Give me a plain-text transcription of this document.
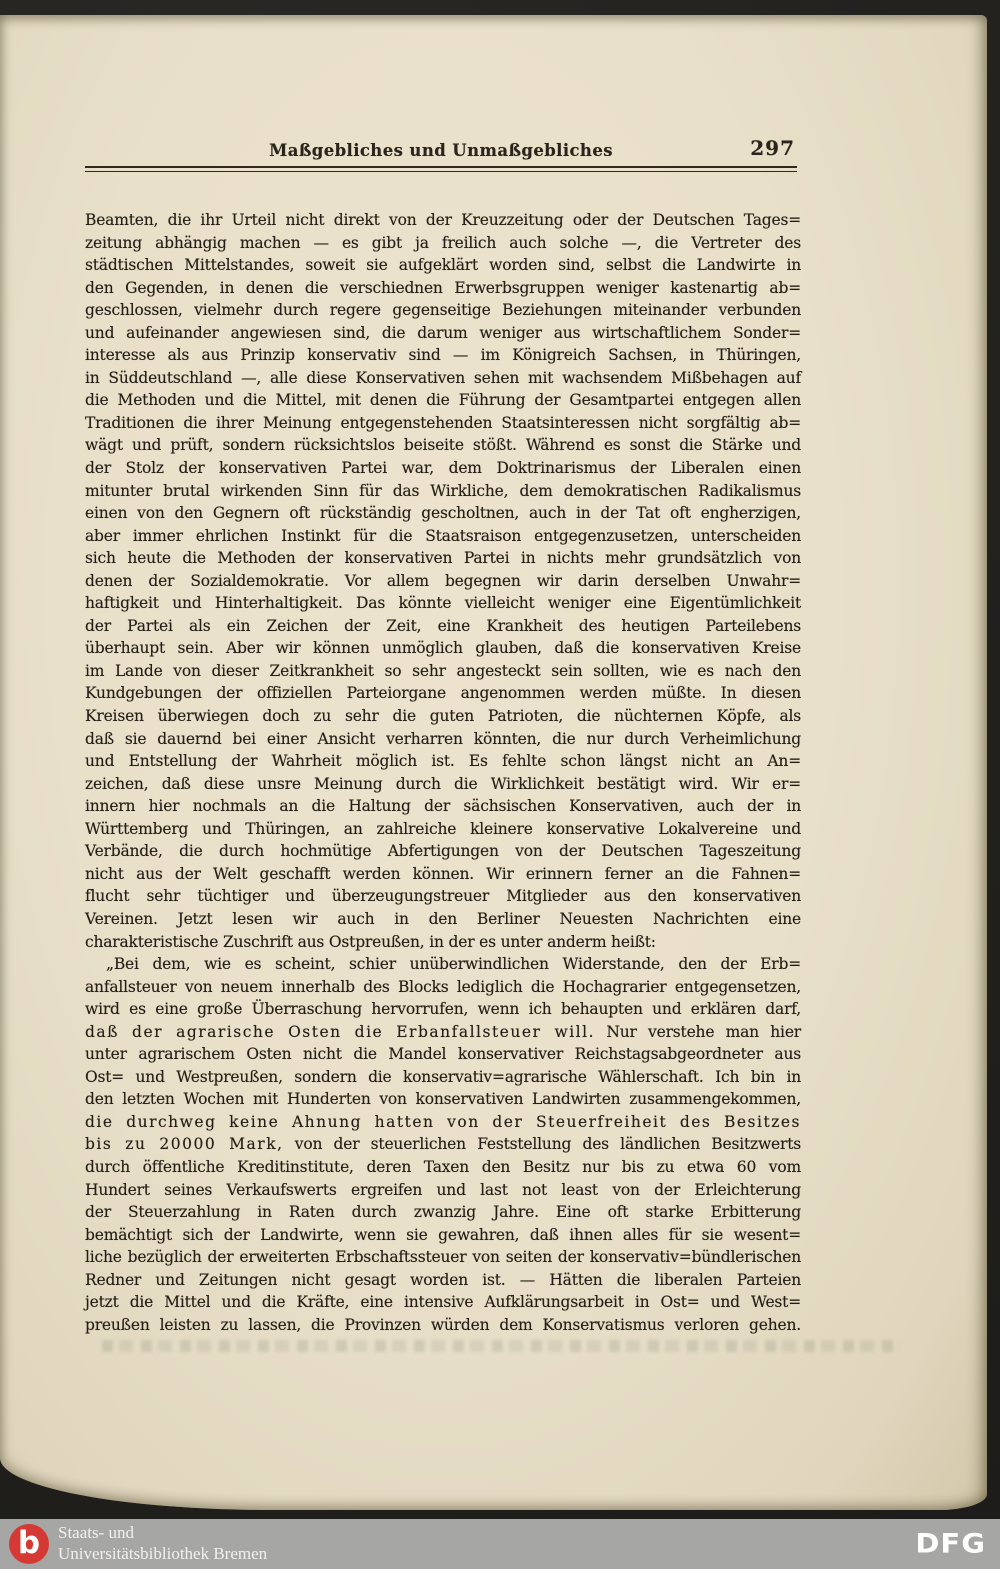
Maßgebliches und Unmaßgebliches	297
Beamten, die ihr Urteil nicht direkt von der Kreuzzeitung oder der Deutschen Tages=
zeitung abhängig machen — es gibt ja freilich auch solche —, die Vertreter des
städtischen Mittelstandes, soweit sie aufgeklärt worden sind, selbst die Landwirte in
den Gegenden, in denen die verschiednen Erwerbsgruppen weniger kastenartig ab=
geschlossen, vielmehr durch regere gegenseitige Beziehungen miteinander verbunden
und aufeinander angewiesen sind, die darum weniger aus wirtschaftlichem Sonder=
interesse als aus Prinzip konservativ sind — im Königreich Sachsen, in Thüringen,
in Süddeutschland —, alle diese Konservativen sehen mit wachsendem Mißbehagen auf
die Methoden und die Mittel, mit denen die Führung der Gesamtpartei entgegen allen
Traditionen die ihrer Meinung entgegenstehenden Staatsinteressen nicht sorgfältig ab=
wägt und prüft, sondern rücksichtslos beiseite stößt. Während es sonst die Stärke und
der Stolz der konservativen Partei war, dem Doktrinarismus der Liberalen einen
mitunter brutal wirkenden Sinn für das Wirkliche, dem demokratischen Radikalismus
einen von den Gegnern oft rückständig gescholtnen, auch in der Tat oft engherzigen,
aber immer ehrlichen Instinkt für die Staatsraison entgegenzusetzen, unterscheiden
sich heute die Methoden der konservativen Partei in nichts mehr grundsätzlich von
denen der Sozialdemokratie. Vor allem begegnen wir darin derselben Unwahr=
haftigkeit und Hinterhaltigkeit. Das könnte vielleicht weniger eine Eigentümlichkeit
der Partei als ein Zeichen der Zeit, eine Krankheit des heutigen Parteilebens
überhaupt sein. Aber wir können unmöglich glauben, daß die konservativen Kreise
im Lande von dieser Zeitkrankheit so sehr angesteckt sein sollten, wie es nach den
Kundgebungen der offiziellen Parteiorgane angenommen werden müßte. In diesen
Kreisen überwiegen doch zu sehr die guten Patrioten, die nüchternen Köpfe, als
daß sie dauernd bei einer Ansicht verharren könnten, die nur durch Verheimlichung
und Entstellung der Wahrheit möglich ist. Es fehlte schon längst nicht an An=
zeichen, daß diese unsre Meinung durch die Wirklichkeit bestätigt wird. Wir er=
innern hier nochmals an die Haltung der sächsischen Konservativen, auch der in
Württemberg und Thüringen, an zahlreiche kleinere konservative Lokalvereine und
Verbände, die durch hochmütige Abfertigungen von der Deutschen Tageszeitung
nicht aus der Welt geschafft werden können. Wir erinnern ferner an die Fahnen=
flucht sehr tüchtiger und überzeugungstreuer Mitglieder aus den konservativen
Vereinen. Jetzt lesen wir auch in den Berliner Neuesten Nachrichten eine
charakteristische Zuschrift aus Ostpreußen, in der es unter anderm heißt:
„Bei dem, wie es scheint, schier unüberwindlichen Widerstande, den der Erb=
anfallsteuer von neuem innerhalb des Blocks lediglich die Hochagrarier entgegensetzen,
wird es eine große Überraschung hervorrufen, wenn ich behaupten und erklären darf,
daß der agrarische Osten die Erbanfallsteuer will. Nur verstehe man hier
unter agrarischem Osten nicht die Mandel konservativer Reichstagsabgeordneter aus
Ost= und Westpreußen, sondern die konservativ=agrarische Wählerschaft. Ich bin in
den letzten Wochen mit Hunderten von konservativen Landwirten zusammengekommen,
die durchweg keine Ahnung hatten von der Steuerfreiheit des Besitzes
bis zu 20000 Mark, von der steuerlichen Feststellung des ländlichen Besitzwerts
durch öffentliche Kreditinstitute, deren Taxen den Besitz nur bis zu etwa 60 vom
Hundert seines Verkaufswerts ergreifen und last not least von der Erleichterung
der Steuerzahlung in Raten durch zwanzig Jahre. Eine oft starke Erbitterung
bemächtigt sich der Landwirte, wenn sie gewahren, daß ihnen alles für sie wesent=
liche bezüglich der erweiterten Erbschaftssteuer von seiten der konservativ=bündlerischen
Redner und Zeitungen nicht gesagt worden ist. — Hätten die liberalen Parteien
jetzt die Mittel und die Kräfte, eine intensive Aufklärungsarbeit in Ost= und West=
preußen leisten zu lassen, die Provinzen würden dem Konservatismus verloren gehen.
b	Staats- und
Universitätsbibliothek Bremen	DFG
